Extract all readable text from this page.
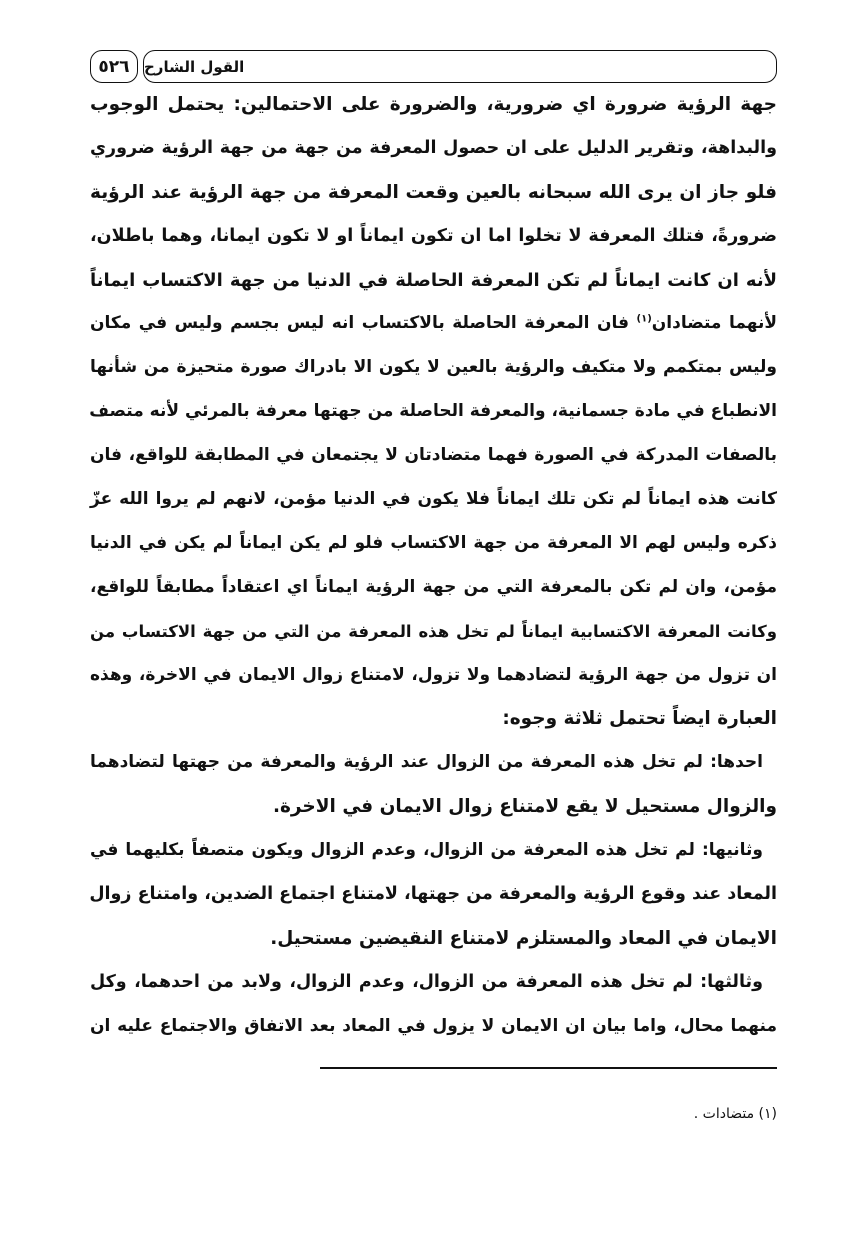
٥٢٦ القول الشارح
جهة الرؤية ضرورة اي ضرورية، والضرورة على الاحتمالين: يحتمل الوجوب
والبداهة، وتقرير الدليل على ان حصول المعرفة من جهة من جهة الرؤية ضروري
فلو جاز ان يرى الله سبحانه بالعين وقعت المعرفة من جهة الرؤية عند الرؤية
ضرورةً، فتلك المعرفة لا تخلوا اما ان تكون ايماناً او لا تكون ايمانا، وهما باطلان،
لأنه ان كانت ايماناً لم تكن المعرفة الحاصلة في الدنيا من جهة الاكتساب ايماناً
لأنهما متضادان$^{(١)}$ فان المعرفة الحاصلة بالاكتساب انه ليس بجسم وليس في مكان
وليس بمتكمم ولا متكيف والرؤية بالعين لا يكون الا بادراك صورة متحيزة من شأنها
الانطباع في مادة جسمانية، والمعرفة الحاصلة من جهتها معرفة بالمرئي لأنه متصف
بالصفات المدركة في الصورة فهما متضادتان لا يجتمعان في المطابقة للواقع، فان
كانت هذه ايماناً لم تكن تلك ايماناً فلا يكون في الدنيا مؤمن، لانهم لم يروا الله عزّ
ذكره وليس لهم الا المعرفة من جهة الاكتساب فلو لم يكن ايماناً لم يكن في الدنيا
مؤمن، وان لم تكن بالمعرفة التي من جهة الرؤية ايماناً اي اعتقاداً مطابقاً للواقع،
وكانت المعرفة الاكتسابية ايماناً لم تخل هذه المعرفة من التي من جهة الاكتساب من
ان تزول من جهة الرؤية لتضادهما ولا تزول، لامتناع زوال الايمان في الاخرة، وهذه
العبارة ايضاً تحتمل ثلاثة وجوه:
احدها: لم تخل هذه المعرفة من الزوال عند الرؤية والمعرفة من جهتها لتضادهما
والزوال مستحيل لا يقع لامتناع زوال الايمان في الاخرة.
وثانيها: لم تخل هذه المعرفة من الزوال، وعدم الزوال ويكون متصفاً بكليهما في
المعاد عند وقوع الرؤية والمعرفة من جهتها، لامتناع اجتماع الضدين، وامتناع زوال
الايمان في المعاد والمستلزم لامتناع النقيضين مستحيل.
وثالثها: لم تخل هذه المعرفة من الزوال، وعدم الزوال، ولابد من احدهما، وكل
منهما محال، واما بيان ان الايمان لا يزول في المعاد بعد الاتفاق والاجتماع عليه ان
(١) متضادات .
